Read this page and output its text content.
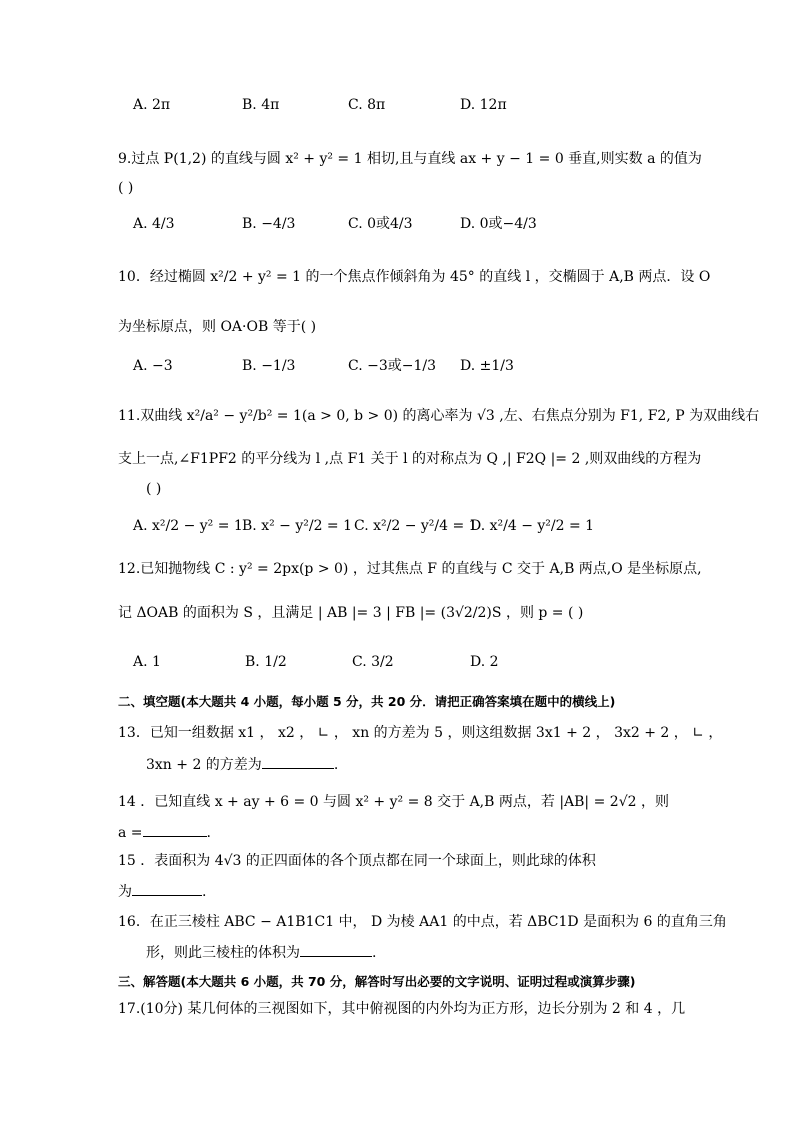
A. 2π	B. 4π	C. 8π	D. 12π
9.过点 P(1,2) 的直线与圆 x² + y² = 1 相切,且与直线 ax + y − 1 = 0 垂直,则实数 a 的值为
( )
A. 4/3	B. −4/3	C. 0或4/3	D. 0或−4/3
10．经过椭圆 x²/2 + y² = 1 的一个焦点作倾斜角为 45° 的直线 l ，交椭圆于 A,B 两点．设 O
为坐标原点，则 OA·OB 等于( )
A. −3	B. −1/3	C. −3或−1/3 D. ±1/3
11.双曲线 x²/a² − y²/b² = 1(a > 0, b > 0) 的离心率为 √3 ,左、右焦点分别为 F1, F2, P 为双曲线右
支上一点,∠F1PF2 的平分线为 l ,点 F1 关于 l 的对称点为 Q ,| F2Q |= 2 ,则双曲线的方程为
( )
A. x²/2 − y² = 1 B. x² − y²/2 = 1 C. x²/2 − y²/4 = 1
D. x²/4 − y²/2 = 1
12.已知抛物线 C : y² = 2px(p > 0) ，过其焦点 F 的直线与 C 交于 A,B 两点,O 是坐标原点,
记 ΔOAB 的面积为 S ，且满足 | AB |= 3 | FB |= (3√2/2)S ，则 p = ( )
A. 1	B. 1/2	C. 3/2	D. 2
二、填空题(本大题共 4 小题，每小题 5 分，共 20 分．请把正确答案填在题中的横线上)
13．已知一组数据 x1 ， x2 ， ∟ ， xn 的方差为 5 ，则这组数据 3x1 + 2 ， 3x2 + 2 ， ∟ ，
3xn + 2 的方差为	.
14 ．已知直线 x + ay + 6 = 0 与圆 x² + y² = 8 交于 A,B 两点，若 |AB| = 2√2 ，则
a =	.
15 ．表面积为 4√3 的正四面体的各个顶点都在同一个球面上，则此球的体积
为	.
16．在正三棱柱 ABC − A1B1C1 中， D 为棱 AA1 的中点，若 ΔBC1D 是面积为 6 的直角三角
形，则此三棱柱的体积为	.
三、解答题(本大题共 6 小题，共 70 分，解答时写出必要的文字说明、证明过程或演算步骤)
17.(10分) 某几何体的三视图如下，其中俯视图的内外均为正方形，边长分别为 2 和 4 ，几
